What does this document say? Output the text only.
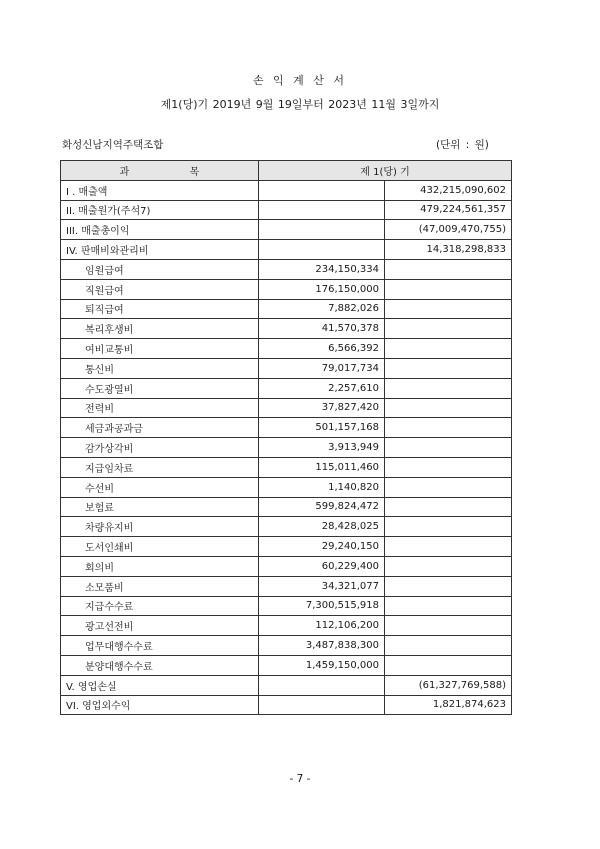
손 익 계 산 서
제1(당)기 2019년 9월 19일부터 2023년 11월 3일까지
화성신남지역주택조합	(단위 : 원)
과 목	제 1(당) 기	
I . 매출액		432,215,090,602
II. 매출원가(주석7)		479,224,561,357
III. 매출총이익		(47,009,470,755)
IV. 판매비와관리비		14,318,298,833
임원급여	234,150,334	
직원급여	176,150,000	
퇴직급여	7,882,026	
복리후생비	41,570,378	
여비교통비	6,566,392	
통신비	79,017,734	
수도광열비	2,257,610	
전력비	37,827,420	
세금과공과금	501,157,168	
감가상각비	3,913,949	
지급임차료	115,011,460	
수선비	1,140,820	
보험료	599,824,472	
차량유지비	28,428,025	
도서인쇄비	29,240,150	
회의비	60,229,400	
소모품비	34,321,077	
지급수수료	7,300,515,918	
광고선전비	112,106,200	
업무대행수수료	3,487,838,300	
분양대행수수료	1,459,150,000	
V. 영업손실		(61,327,769,588)
VI. 영업외수익		1,821,874,623
- 7 -
